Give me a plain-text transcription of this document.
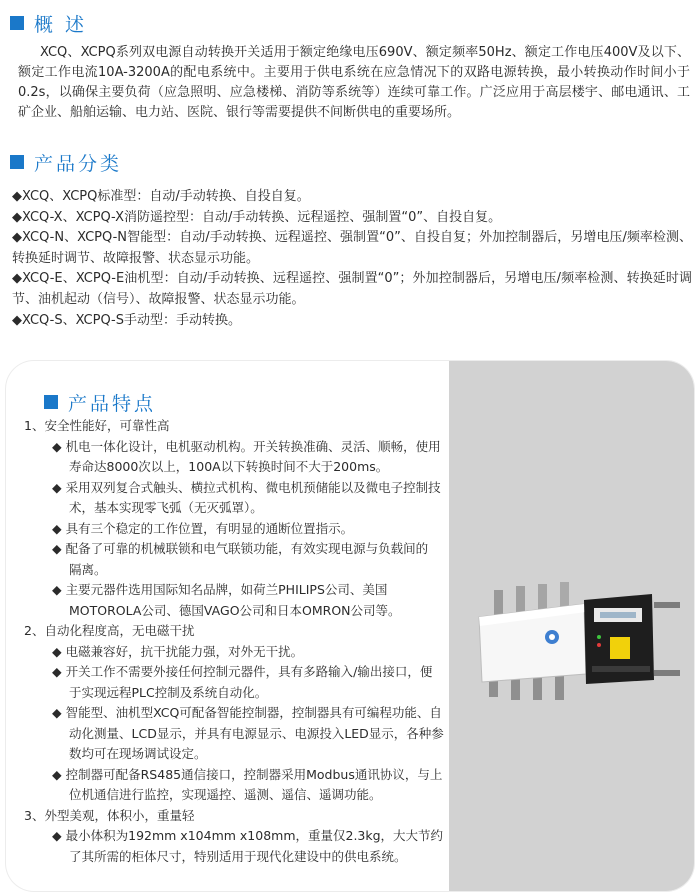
概 述
XCQ、XCPQ系列双电源自动转换开关适用于额定绝缘电压690V、额定频率50Hz、额定工作电压400V及以下、额定工作电流10A-3200A的配电系统中。主要用于供电系统在应急情况下的双路电源转换，最小转换动作时间小于0.2s，以确保主要负荷（应急照明、应急楼梯、消防等系统等）连续可靠工作。广泛应用于高层楼宇、邮电通讯、工矿企业、船舶运输、电力站、医院、银行等需要提供不间断供电的重要场所。
产品分类
◆XCQ、XCPQ标准型：自动/手动转换、自投自复。
◆XCQ-X、XCPQ-X消防遥控型：自动/手动转换、远程遥控、强制置“0”、自投自复。
◆XCQ-N、XCPQ-N智能型：自动/手动转换、远程遥控、强制置“0”、自投自复；外加控制器后，另增电压/频率检测、转换延时调节、故障报警、状态显示功能。
◆XCQ-E、XCPQ-E油机型：自动/手动转换、远程遥控、强制置“0”；外加控制器后，另增电压/频率检测、转换延时调节、油机起动（信号）、故障报警、状态显示功能。
◆XCQ-S、XCPQ-S手动型：手动转换。
产品特点
1、安全性能好，可靠性高
◆ 机电一体化设计，电机驱动机构。开关转换准确、灵活、顺畅，使用寿命达8000次以上，100A以下转换时间不大于200ms。
◆ 采用双列复合式触头、横拉式机构、微电机预储能以及微电子控制技术，基本实现零飞弧（无灭弧罩）。
◆ 具有三个稳定的工作位置，有明显的通断位置指示。
◆ 配备了可靠的机械联锁和电气联锁功能，有效实现电源与负载间的 隔离。
◆ 主要元器件选用国际知名品牌，如荷兰PHILIPS公司、美国MOTOROLA公司、德国VAGO公司和日本OMRON公司等。
2、自动化程度高，无电磁干扰
◆ 电磁兼容好，抗干扰能力强，对外无干扰。
◆ 开关工作不需要外接任何控制元器件，具有多路输入/输出接口，便于实现远程PLC控制及系统自动化。
◆ 智能型、油机型XCQ可配备智能控制器，控制器具有可编程功能、自动化测量、LCD显示，并具有电源显示、电源投入LED显示，各种参数均可在现场调试设定。
◆ 控制器可配备RS485通信接口，控制器采用Modbus通讯协议，与上位机通信进行监控，实现遥控、遥测、遥信、遥调功能。
3、外型美观，体积小，重量轻
◆ 最小体积为192mm x104mm x108mm，重量仅2.3kg，大大节约了其所需的柜体尺寸，特别适用于现代化建设中的供电系统。
